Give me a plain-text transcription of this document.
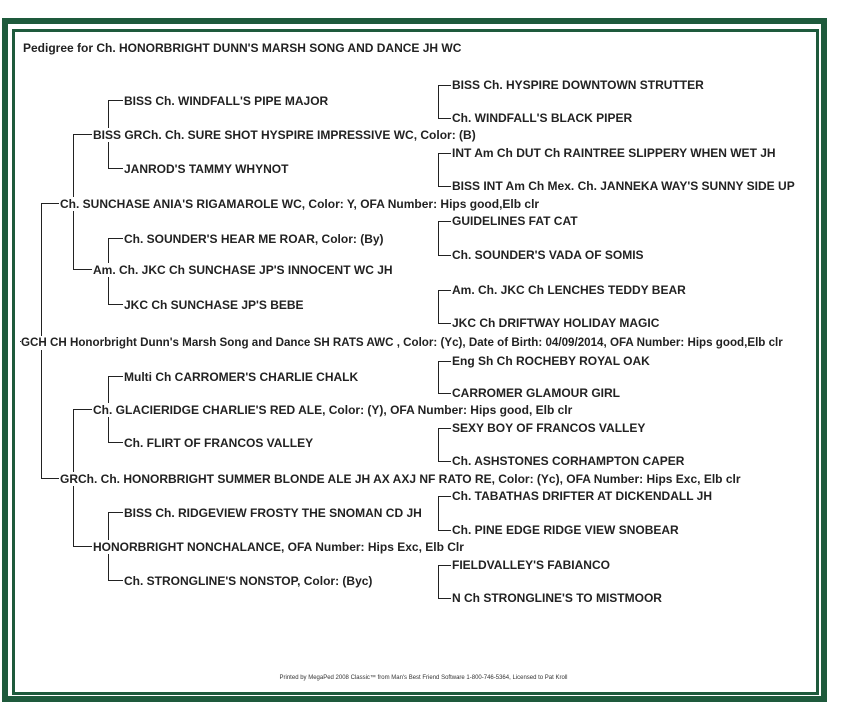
Pedigree for Ch. HONORBRIGHT DUNN'S MARSH SONG AND DANCE JH WC
BISS Ch. HYSPIRE DOWNTOWN STRUTTER
Ch. WINDFALL'S BLACK PIPER
INT Am Ch DUT Ch RAINTREE SLIPPERY WHEN WET JH
BISS INT Am Ch Mex. Ch. JANNEKA WAY'S SUNNY SIDE UP
GUIDELINES FAT CAT
Ch. SOUNDER'S VADA OF SOMIS
Am. Ch. JKC Ch LENCHES TEDDY BEAR
JKC Ch DRIFTWAY HOLIDAY MAGIC
Eng Sh Ch ROCHEBY ROYAL OAK
CARROMER GLAMOUR GIRL
SEXY BOY OF FRANCOS VALLEY
Ch. ASHSTONES CORHAMPTON CAPER
Ch. TABATHAS DRIFTER AT DICKENDALL JH
Ch. PINE EDGE RIDGE VIEW SNOBEAR
FIELDVALLEY'S FABIANCO
N Ch STRONGLINE'S TO MISTMOOR
BISS Ch. WINDFALL'S PIPE MAJOR
JANROD'S TAMMY WHYNOT
Ch. SOUNDER'S HEAR ME ROAR, Color: (By)
JKC Ch SUNCHASE JP'S BEBE
Multi Ch CARROMER'S CHARLIE CHALK
Ch. FLIRT OF FRANCOS VALLEY
BISS Ch. RIDGEVIEW FROSTY THE SNOMAN CD JH
Ch. STRONGLINE'S NONSTOP, Color: (Byc)
BISS GRCh. Ch. SURE SHOT HYSPIRE IMPRESSIVE WC, Color: (B)
Am. Ch. JKC Ch SUNCHASE JP'S INNOCENT WC JH
Ch. GLACIERIDGE CHARLIE'S RED ALE, Color: (Y), OFA Number: Hips good, Elb clr
HONORBRIGHT NONCHALANCE, OFA Number: Hips Exc, Elb Clr
Ch. SUNCHASE ANIA'S RIGAMAROLE WC, Color: Y, OFA Number: Hips good,Elb clr
GRCh. Ch. HONORBRIGHT SUMMER BLONDE ALE JH AX AXJ NF RATO RE, Color: (Yc), OFA Number: Hips Exc, Elb clr
GCH CH Honorbright Dunn's Marsh Song and Dance SH RATS AWC , Color: (Yc), Date of Birth: 04/09/2014, OFA Number: Hips good,Elb clr
Printed by MegaPed 2008 Classic™ from Man's Best Friend Software 1-800-746-5364, Licensed to Pat Kroll
